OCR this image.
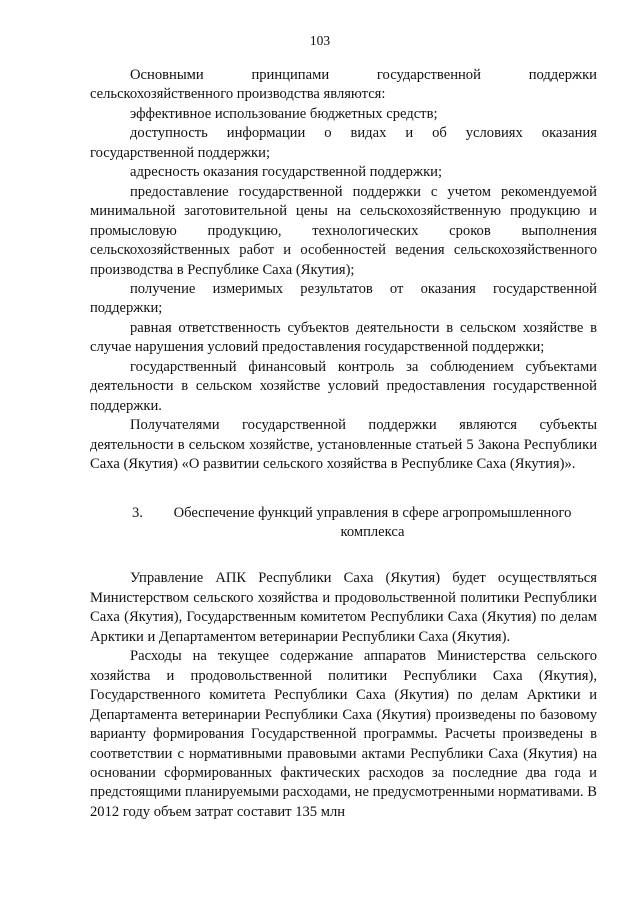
103

Основными принципами государственной поддержки сельскохозяйственного производства являются:

эффективное использование бюджетных средств;

доступность информации о видах и об условиях оказания государственной поддержки;

адресность оказания государственной поддержки;

предоставление государственной поддержки с учетом рекомендуемой минимальной заготовительной цены на сельскохозяйственную продукцию и промысловую продукцию, технологических сроков выполнения сельскохозяйственных работ и особенностей ведения сельскохозяйственного производства в Республике Саха (Якутия);

получение измеримых результатов от оказания государственной поддержки;

равная ответственность субъектов деятельности в сельском хозяйстве в случае нарушения условий предоставления государственной поддержки;

государственный финансовый контроль за соблюдением субъектами деятельности в сельском хозяйстве условий предоставления государственной поддержки.

Получателями государственной поддержки являются субъекты деятельности в сельском хозяйстве, установленные статьей 5 Закона Республики Саха (Якутия) «О развитии сельского хозяйства в Республике Саха (Якутия)».

3.	Обеспечение функций управления в сфере агропромышленного комплекса

Управление АПК Республики Саха (Якутия) будет осуществляться Министерством сельского хозяйства и продовольственной политики Республики Саха (Якутия), Государственным комитетом Республики Саха (Якутия) по делам Арктики и Департаментом ветеринарии Республики Саха (Якутия).

Расходы на текущее содержание аппаратов Министерства сельского хозяйства и продовольственной политики Республики Саха (Якутия), Государственного комитета Республики Саха (Якутия) по делам Арктики и Департамента ветеринарии Республики Саха (Якутия) произведены по базовому варианту формирования Государственной программы. Расчеты произведены в соответствии с нормативными правовыми актами Республики Саха (Якутия) на основании сформированных фактических расходов за последние два года и предстоящими планируемыми расходами, не предусмотренными нормативами. В 2012 году объем затрат составит 135 млн
